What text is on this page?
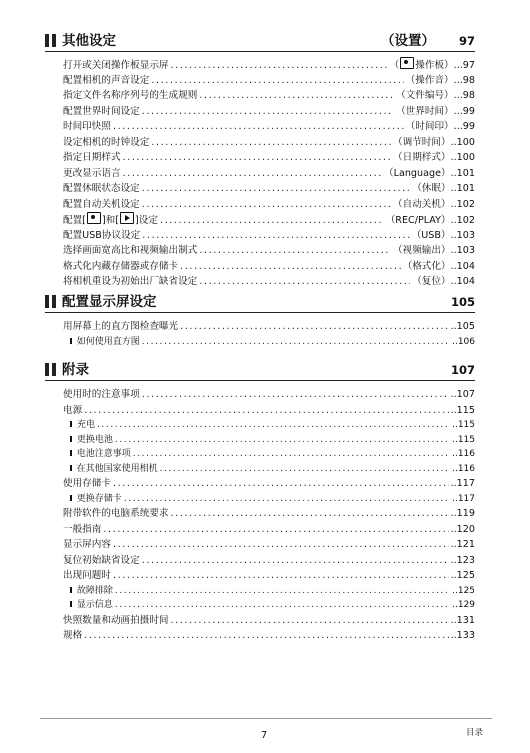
其他设定	（设置） 97
打开或关闭操作板显示屏 .....	（ 操作板） ...97
配置相机的声音设定 .....	（操作音） ...98
指定文件名称序列号的生成规则 .....	（文件编号） ...98
配置世界时间设定 .....	（世界时间） ...99
时间印快照 .....	（时间印） ...99
设定相机的时钟设定 .....	（调节时间） ..100
指定日期样式 .....	（日期样式） ..100
更改显示语言 .....	（Language） ..101
配置休眠状态设定 .....	（休眠） ..101
配置自动关机设定 .....	（自动关机） ..102
配置[ ]和[ ]设定 .....	（REC/PLAY） ..102
配置USB协议设定 .....	（USB） ..103
选择画面宽高比和视频输出制式 .....	（视频输出） ..103
格式化内藏存储器或存储卡 .....	（格式化） ..104
将相机重设为初始出厂缺省设定 .....	（复位） ..104
配置显示屏设定	105
用屏幕上的直方图检查曝光 .....	..105
如何使用直方图 .....	..106
附录	107
使用时的注意事项 .....	..107
电源 .....	..115
充电 .....	..115
更换电池 .....	..115
电池注意事项 .....	..116
在其他国家使用相机 .....	..116
使用存储卡 .....	..117
更换存储卡 .....	..117
附带软件的电脑系统要求 .....	..119
一般指南 .....	..120
显示屏内容 .....	..121
复位初始缺省设定 .....	..123
出现问题时 .....	..125
故障排除 .....	..125
显示信息 .....	..129
快照数量和动画拍摄时间 .....	..131
规格 .....	..133
7	目录
